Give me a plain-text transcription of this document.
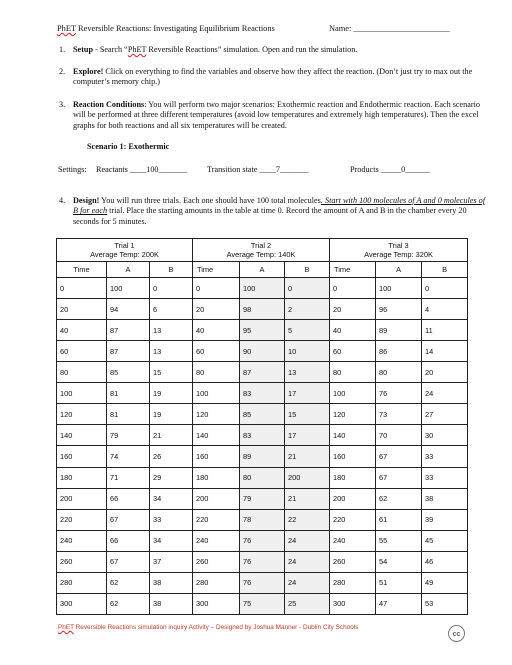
PhET Reversible Reactions: Investigating Equilibrium Reactions	Name: _______________________
1. Setup - Search “PhET Reversible Reactions” simulation. Open and run the simulation.
2. Explore! Click on everything to find the variables and observe how they affect the reaction. (Don’t just try to max out the computer’s memory chip.)
3. Reaction Conditions: You will perform two major scenarios: Exothermic reaction and Endothermic reaction. Each scenario will be performed at three different temperatures (avoid low temperatures and extremely high temperatures). Then the excel graphs for both reactions and all six temperatures will be created.
Scenario 1: Exothermic
Settings: Reactants ____100_______ Transition state ____7_______	Products _____0______
4. Design! You will run three trials. Each one should have 100 total molecules. Start with 100 molecules of A and 0 molecules of B for each trial. Place the starting amounts in the table at time 0. Record the amount of A and B in the chamber every 20 seconds for 5 minutes.
Trial 1
Average Temp: 200K			Trial 2
Average Temp: 140K			Trial 3
Average Temp: 320K		
Time	A	B	Time	A	B	Time	A	B
0	100	0	0	100	0	0	100	0
20	94	6	20	98	2	20	96	4
40	87	13	40	95	5	40	89	11
60	87	13	60	90	10	60	86	14
80	85	15	80	87	13	80	80	20
100	81	19	100	83	17	100	76	24
120	81	19	120	85	15	120	73	27
140	79	21	140	83	17	140	70	30
160	74	26	160	89	21	160	67	33
180	71	29	180	80	200	180	67	33
200	66	34	200	79	21	200	62	38
220	67	33	220	78	22	220	61	39
240	66	34	240	76	24	240	55	45
260	67	37	260	76	24	260	54	46
280	62	38	280	76	24	280	51	49
300	62	38	300	75	25	300	47	53
PhET Reversible Reactions simulation inquiry Activity – Designed by Joshua Manner - Dublin City Schools
cc
